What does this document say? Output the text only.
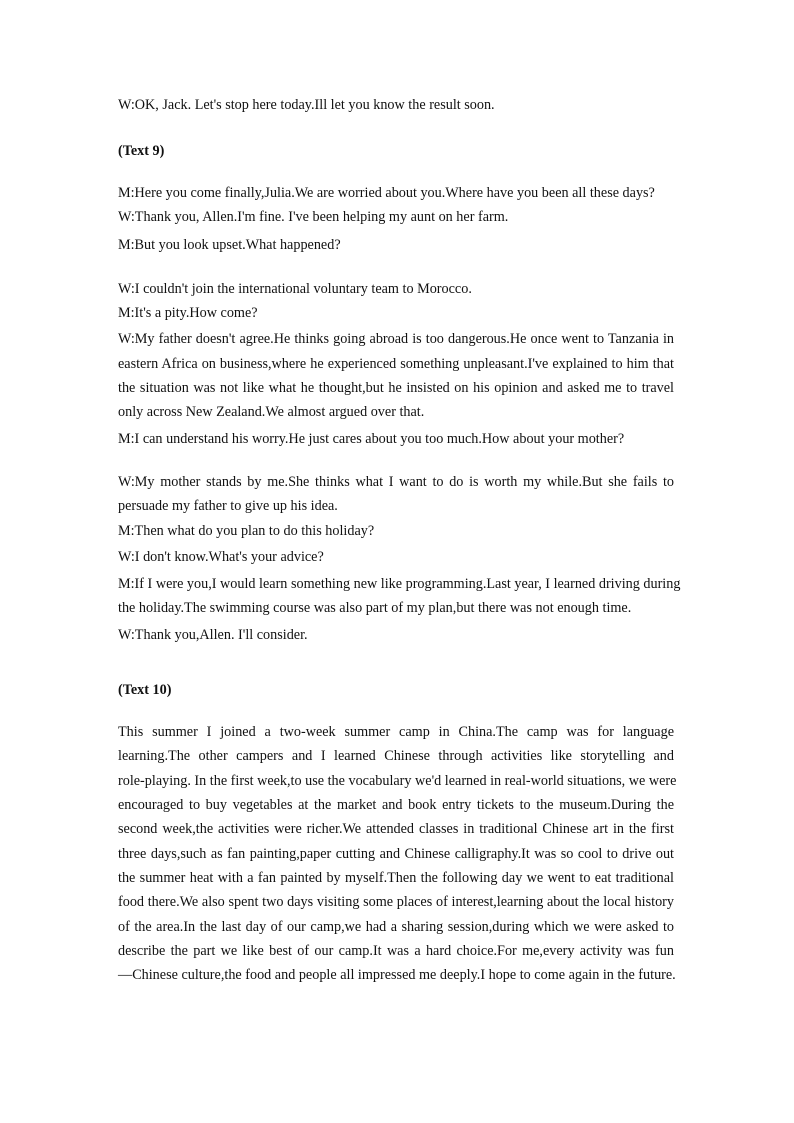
W:OK, Jack. Let's stop here today.Ill let you know the result soon.
(Text 9)
M:Here you come finally,Julia.We are worried about you.Where have you been all these days?
W:Thank you, Allen.I'm fine. I've been helping my aunt on her farm.
M:But you look upset.What happened?
W:I couldn't join the international voluntary team to Morocco.
M:It's a pity.How come?
W:My father doesn't agree.He thinks going abroad is too dangerous.He once went to Tanzania in
eastern Africa on business,where he experienced something unpleasant.I've explained to him that
the situation was not like what he thought,but he insisted on his opinion and asked me to travel
only across New Zealand.We almost argued over that.
M:I can understand his worry.He just cares about you too much.How about your mother?
W:My mother stands by me.She thinks what I want to do is worth my while.But she fails to
persuade my father to give up his idea.
M:Then what do you plan to do this holiday?
W:I don't know.What's your advice?
M:If I were you,I would learn something new like programming.Last year, I learned driving during
the holiday.The swimming course was also part of my plan,but there was not enough time.
W:Thank you,Allen. I'll consider.
(Text 10)
This summer I joined a two-week summer camp in China.The camp was for language
learning.The other campers and I learned Chinese through activities like storytelling and
role-playing. In the first week,to use the vocabulary we'd learned in real-world situations, we were
encouraged to buy vegetables at the market and book entry tickets to the museum.During the
second week,the activities were richer.We attended classes in traditional Chinese art in the first
three days,such as fan painting,paper cutting and Chinese calligraphy.It was so cool to drive out
the summer heat with a fan painted by myself.Then the following day we went to eat traditional
food there.We also spent two days visiting some places of interest,learning about the local history
of the area.In the last day of our camp,we had a sharing session,during which we were asked to
describe the part we like best of our camp.It was a hard choice.For me,every activity was fun
—Chinese culture,the food and people all impressed me deeply.I hope to come again in the future.
